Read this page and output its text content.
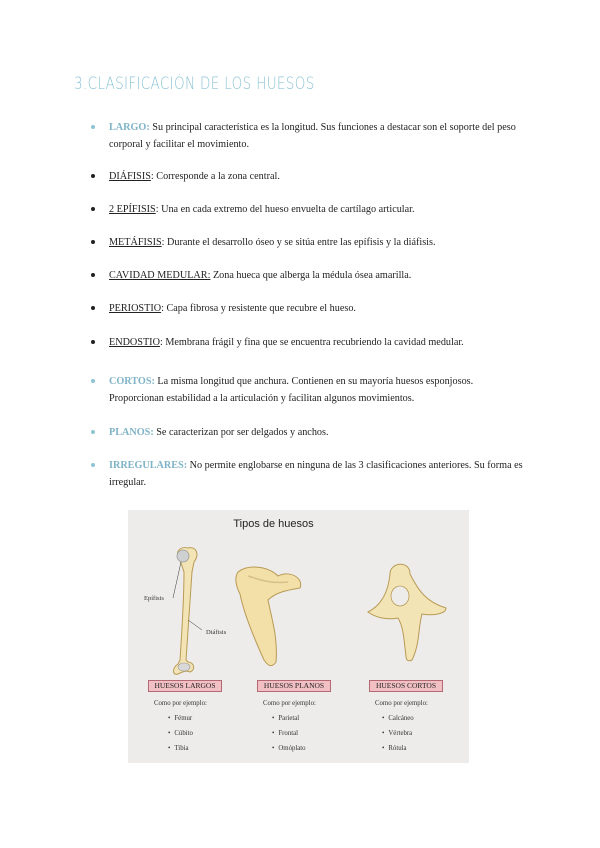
3.CLASIFICACIÓN DE LOS HUESOS
LARGO: Su principal característica es la longitud. Sus funciones a destacar son el soporte del peso corporal y facilitar el movimiento.
DIÁFISIS: Corresponde a la zona central.
2 EPÍFISIS: Una en cada extremo del hueso envuelta de cartílago articular.
METÁFISIS: Durante el desarrollo óseo y se sitúa entre las epífisis y la diáfisis.
CAVIDAD MEDULAR: Zona hueca que alberga la médula ósea amarilla.
PERIOSTIO: Capa fibrosa y resistente que recubre el hueso.
ENDOSTIO: Membrana frágil y fina que se encuentra recubriendo la cavidad medular.
CORTOS: La misma longitud que anchura. Contienen en su mayoría huesos esponjosos. Proporcionan estabilidad a la articulación y facilitan algunos movimientos.
PLANOS: Se caracterizan por ser delgados y anchos.
IRREGULARES: No permite englobarse en ninguna de las 3 clasificaciones anteriores. Su forma es irregular.
Tipos de huesos
Epífisis
Diáfisis
HUESOS LARGOS	HUESOS PLANOS	HUESOS CORTOS
Como por ejemplo:	Como por ejemplo:	Como por ejemplo:
• Fémur
• Cúbito
• Tibia
• Parietal
• Frontal
• Omóplato
• Calcáneo
• Vértebra
• Rótula
